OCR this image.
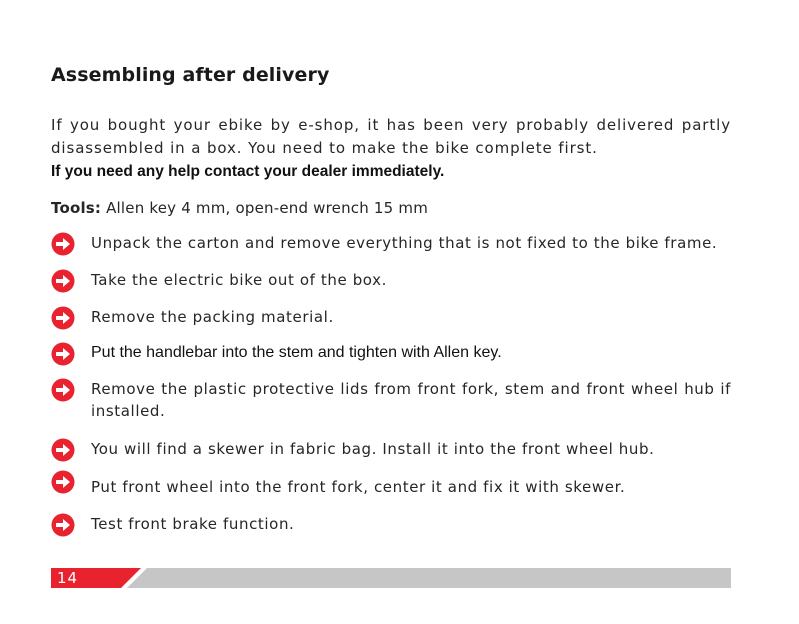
Assembling after delivery
If you bought your ebike by e-shop, it has been very probably delivered partly disassembled in a box. You need to make the bike complete first.
If you need any help contact your dealer immediately.
Tools: Allen key 4 mm, open-end wrench 15 mm
Unpack the carton and remove everything that is not fixed to the bike frame.
Take the electric bike out of the box.
Remove the packing material.
Put the handlebar into the stem and tighten with Allen key.
Remove the plastic protective lids from front fork, stem and front wheel hub if installed.
You will find a skewer in fabric bag. Install it into the front wheel hub.
Put front wheel into the front fork, center it and fix it with skewer.
Test front brake function.
14
